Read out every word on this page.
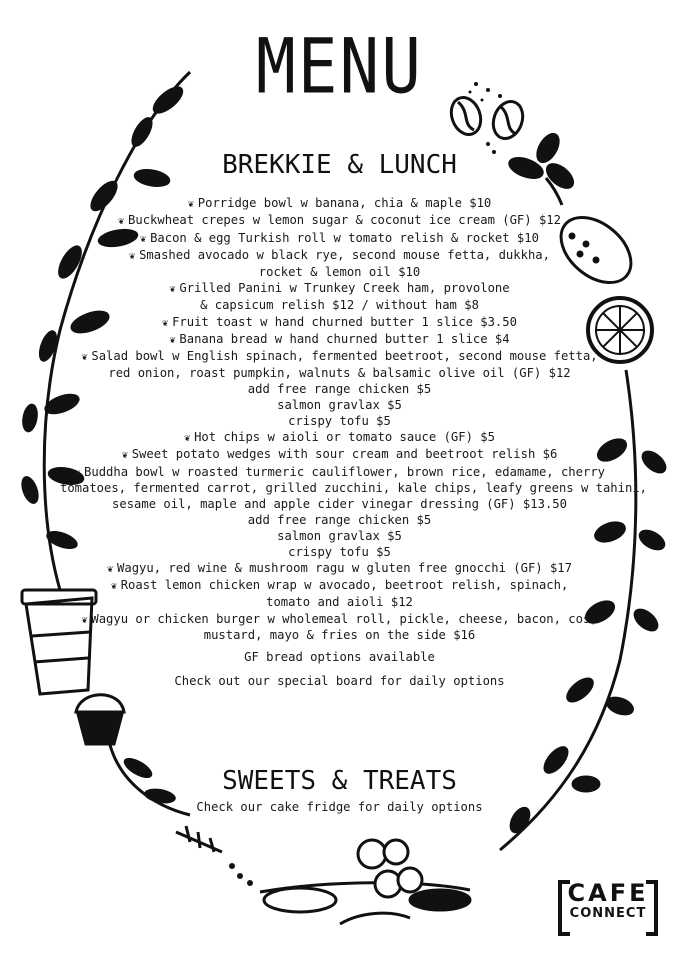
MENU
BREKKIE & LUNCH
❦ Porridge bowl w banana, chia & maple $10
❦ Buckwheat crepes w lemon sugar & coconut ice cream (GF) $12
❦ Bacon & egg Turkish roll w tomato relish & rocket $10
❦ Smashed avocado w black rye, second mouse fetta, dukkha,
rocket & lemon oil $10
❦ Grilled Panini w Trunkey Creek ham, provolone
& capsicum relish $12 / without ham $8
❦ Fruit toast w hand churned butter 1 slice $3.50
❦ Banana bread w hand churned butter 1 slice $4
❦ Salad bowl w English spinach, fermented beetroot, second mouse fetta,
red onion, roast pumpkin, walnuts & balsamic olive oil (GF) $12
add free range chicken $5
salmon gravlax $5
crispy tofu $5
❦ Hot chips w aioli or tomato sauce (GF) $5
❦ Sweet potato wedges with sour cream and beetroot relish $6
❦ Buddha bowl w roasted turmeric cauliflower, brown rice, edamame, cherry
tomatoes, fermented carrot, grilled zucchini, kale chips, leafy greens w tahini,
sesame oil, maple and apple cider vinegar dressing (GF) $13.50
add free range chicken $5
salmon gravlax $5
crispy tofu $5
❦ Wagyu, red wine & mushroom ragu w gluten free gnocchi (GF) $17
❦ Roast lemon chicken wrap w avocado, beetroot relish, spinach,
tomato and aioli $12
❦ Wagyu or chicken burger w wholemeal roll, pickle, cheese, bacon, cos,
mustard, mayo & fries on the side $16
GF bread options available
Check out our special board for daily options
SWEETS & TREATS
Check our cake fridge for daily options
CAFE
CONNECT
